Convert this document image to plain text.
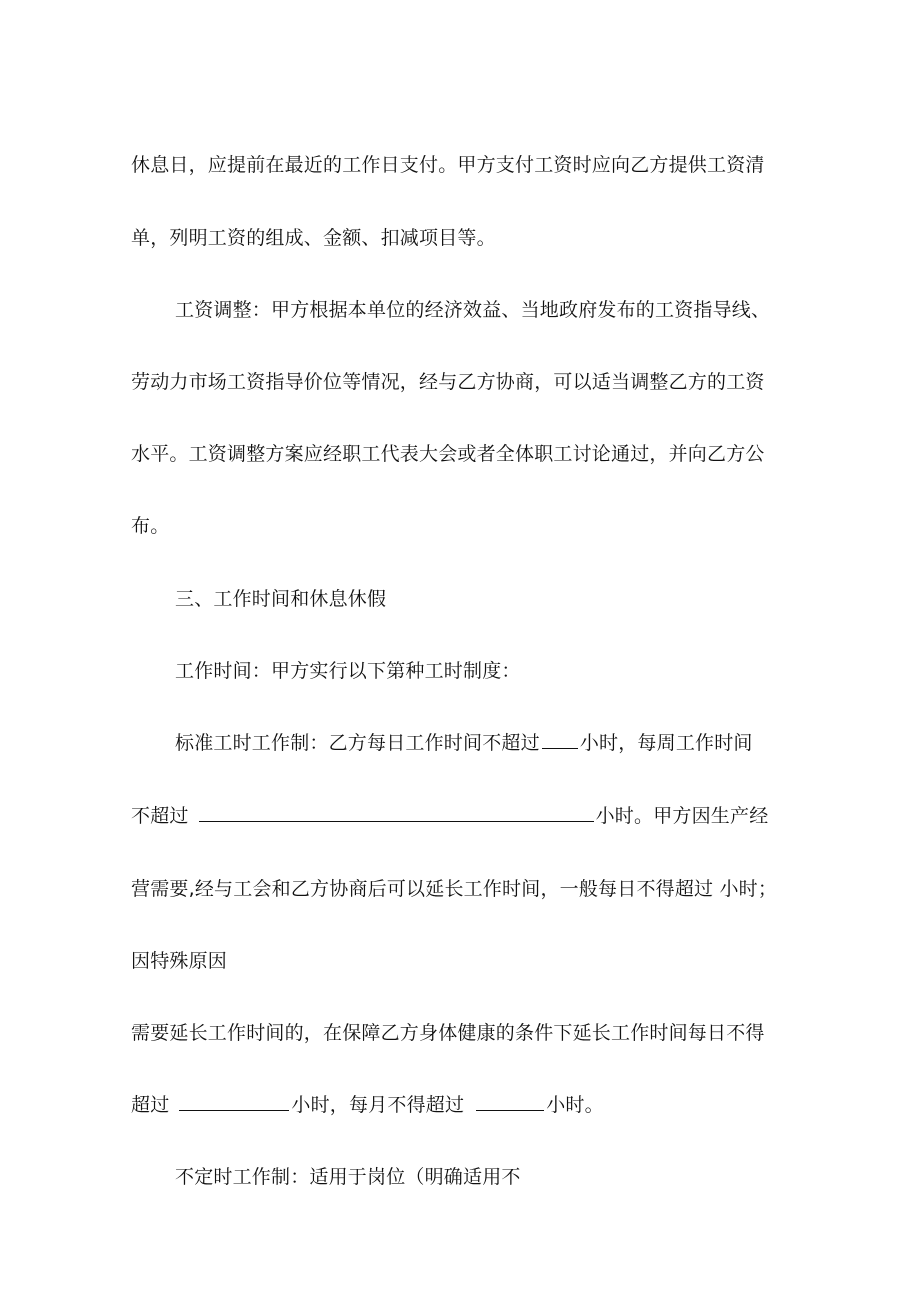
休息日，应提前在最近的工作日支付。甲方支付工资时应向乙方提供工资清
单，列明工资的组成、金额、扣减项目等。
工资调整：甲方根据本单位的经济效益、当地政府发布的工资指导线、
劳动力市场工资指导价位等情况，经与乙方协商，可以适当调整乙方的工资
水平。工资调整方案应经职工代表大会或者全体职工讨论通过，并向乙方公
布。
三、工作时间和休息休假
工作时间：甲方实行以下第种工时制度：
标准工时工作制：乙方每日工作时间不超过 小时，每周工作时间
不超过	小时。甲方因生产经
营需要,经与工会和乙方协商后可以延长工作时间，一般每日不得超过 小时；
因特殊原因
需要延长工作时间的，在保障乙方身体健康的条件下延长工作时间每日不得
超过	小时，每月不得超过	小时。
不定时工作制：适用于岗位（明确适用不
